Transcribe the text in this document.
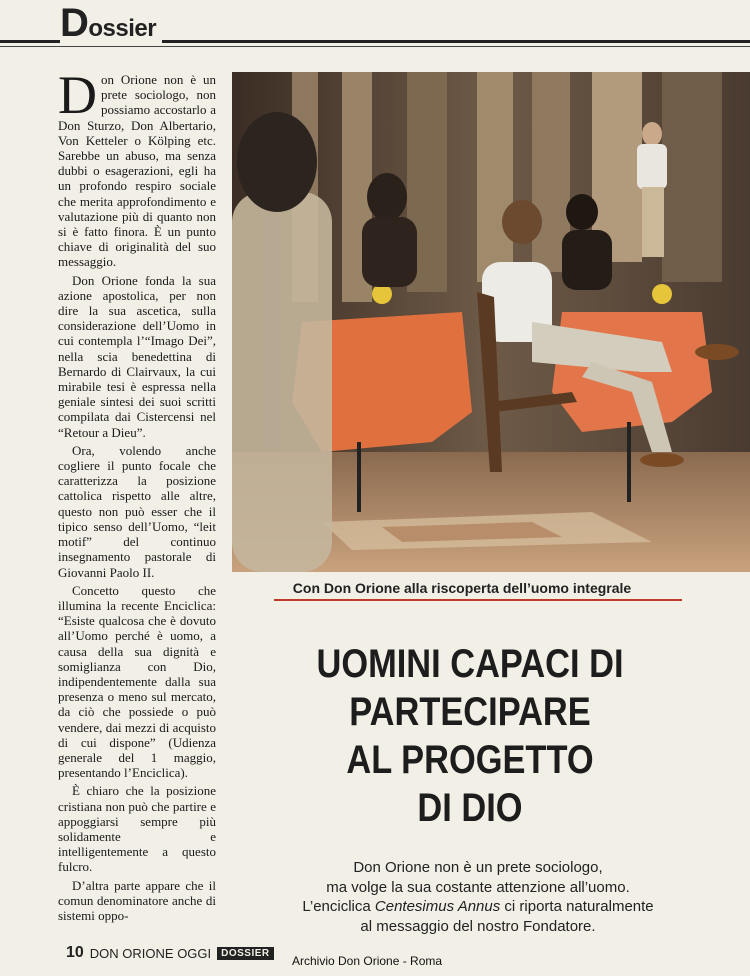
Dossier

Don Orione non è un prete sociologo, non possiamo accostarlo a Don Sturzo, Don Albertario, Von Ketteler o Kölping etc. Sarebbe un abuso, ma senza dubbi o esagerazioni, egli ha un profondo respiro sociale che merita approfondimento e valutazione più di quanto non si è fatto finora. È un punto chiave di originalità del suo messaggio.

Don Orione fonda la sua azione apostolica, per non dire la sua ascetica, sulla considerazione dell’Uomo in cui contempla l’“Imago Dei”, nella scia benedettina di Bernardo di Clairvaux, la cui mirabile tesi è espressa nella geniale sintesi dei suoi scritti compilata dai Cistercensi nel “Retour a Dieu”.

Ora, volendo anche cogliere il punto focale che caratterizza la posizione cattolica rispetto alle altre, questo non può esser che il tipico senso dell’Uomo, “leit motif” del continuo insegnamento pastorale di Giovanni Paolo II.

Concetto questo che illumina la recente Enciclica: “Esiste qualcosa che è dovuto all’Uomo perché è uomo, a causa della sua dignità e somiglianza con Dio, indipendentemente dalla sua presenza o meno sul mercato, da ciò che possiede o può vendere, dai mezzi di acquisto di cui dispone” (Udienza generale del 1 maggio, presentando l’Enciclica).

È chiaro che la posizione cristiana non può che partire e appoggiarsi sempre più solidamente e intelligentemente a questo fulcro.

D’altra parte appare che il comun denominatore anche di sistemi oppo-

Con Don Orione alla riscoperta dell’uomo integrale
UOMINI CAPACI DI
PARTECIPARE
AL PROGETTO
DI DIO
Don Orione non è un prete sociologo,
ma volge la sua costante attenzione all’uomo.
L’enciclica Centesimus Annus ci riporta naturalmente
al messaggio del nostro Fondatore.
10 DON ORIONE OGGI	DOSSIER
Archivio Don Orione - Roma
